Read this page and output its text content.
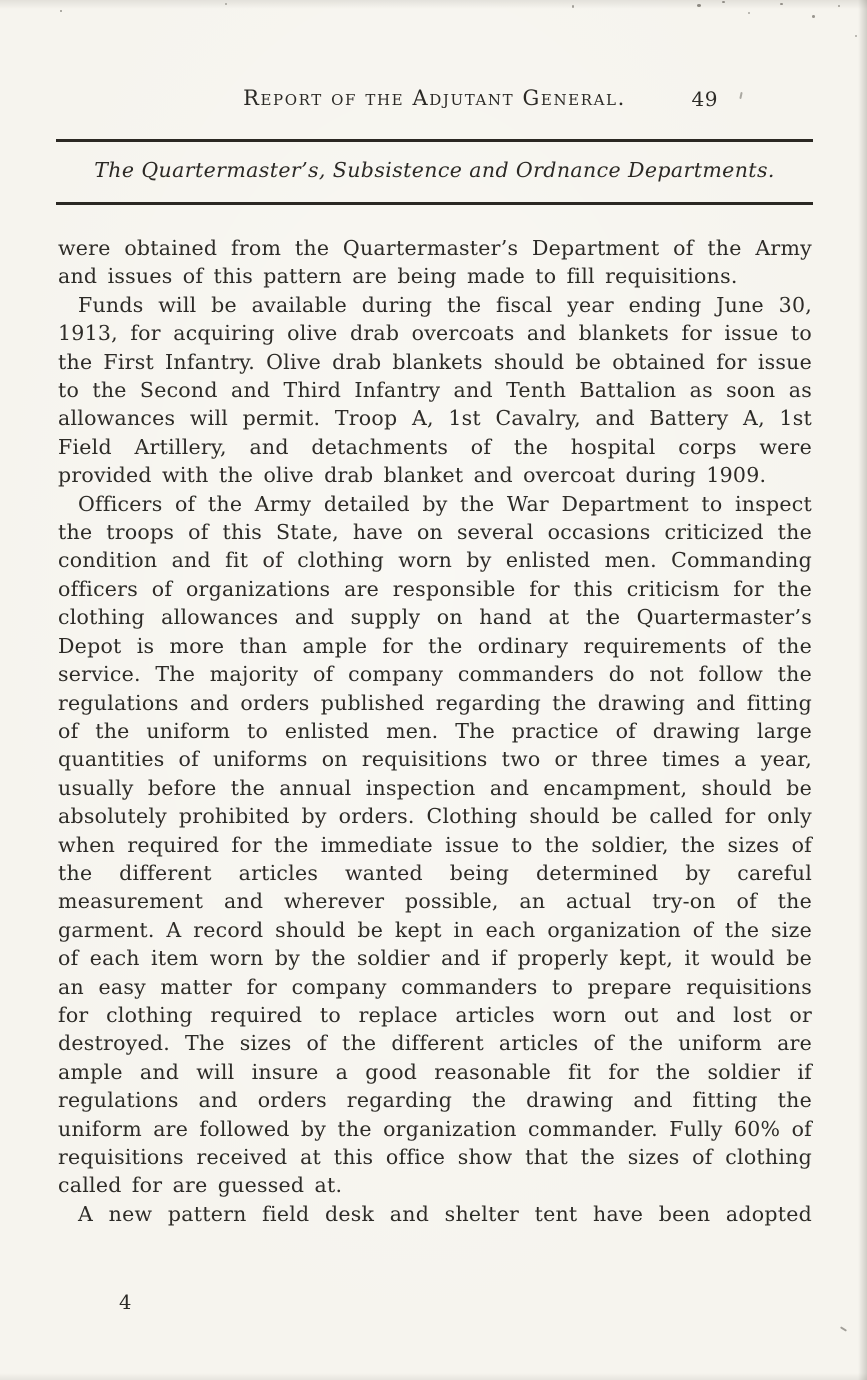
Report of the Adjutant General.	49
The Quartermaster’s, Subsistence and Ordnance Departments.

were obtained from the Quartermaster’s Department of the Army and issues of this pattern are being made to fill requisitions.

Funds will be available during the fiscal year ending June 30, 1913, for acquiring olive drab overcoats and blankets for issue to the First Infantry. Olive drab blankets should be obtained for issue to the Second and Third Infantry and Tenth Battalion as soon as allowances will permit. Troop A, 1st Cavalry, and Battery A, 1st Field Artillery, and detachments of the hospital corps were provided with the olive drab blanket and overcoat during 1909.

Officers of the Army detailed by the War Department to inspect the troops of this State, have on several occasions criticized the condition and fit of clothing worn by enlisted men. Commanding officers of organizations are responsible for this criticism for the clothing allowances and supply on hand at the Quartermaster’s Depot is more than ample for the ordinary requirements of the service. The majority of company commanders do not follow the regulations and orders published regarding the drawing and fitting of the uniform to enlisted men. The practice of drawing large quantities of uniforms on requisitions two or three times a year, usually before the annual inspection and encampment, should be absolutely prohibited by orders. Clothing should be called for only when required for the immediate issue to the soldier, the sizes of the different articles wanted being determined by careful measurement and wherever possible, an actual try-on of the garment. A record should be kept in each organization of the size of each item worn by the soldier and if properly kept, it would be an easy matter for company commanders to prepare requisitions for clothing required to replace articles worn out and lost or destroyed. The sizes of the different articles of the uniform are ample and will insure a good reasonable fit for the soldier if regulations and orders regarding the drawing and fitting the uniform are followed by the organization commander. Fully 60% of requisitions received at this office show that the sizes of clothing called for are guessed at.

A new pattern field desk and shelter tent have been adopted

4
